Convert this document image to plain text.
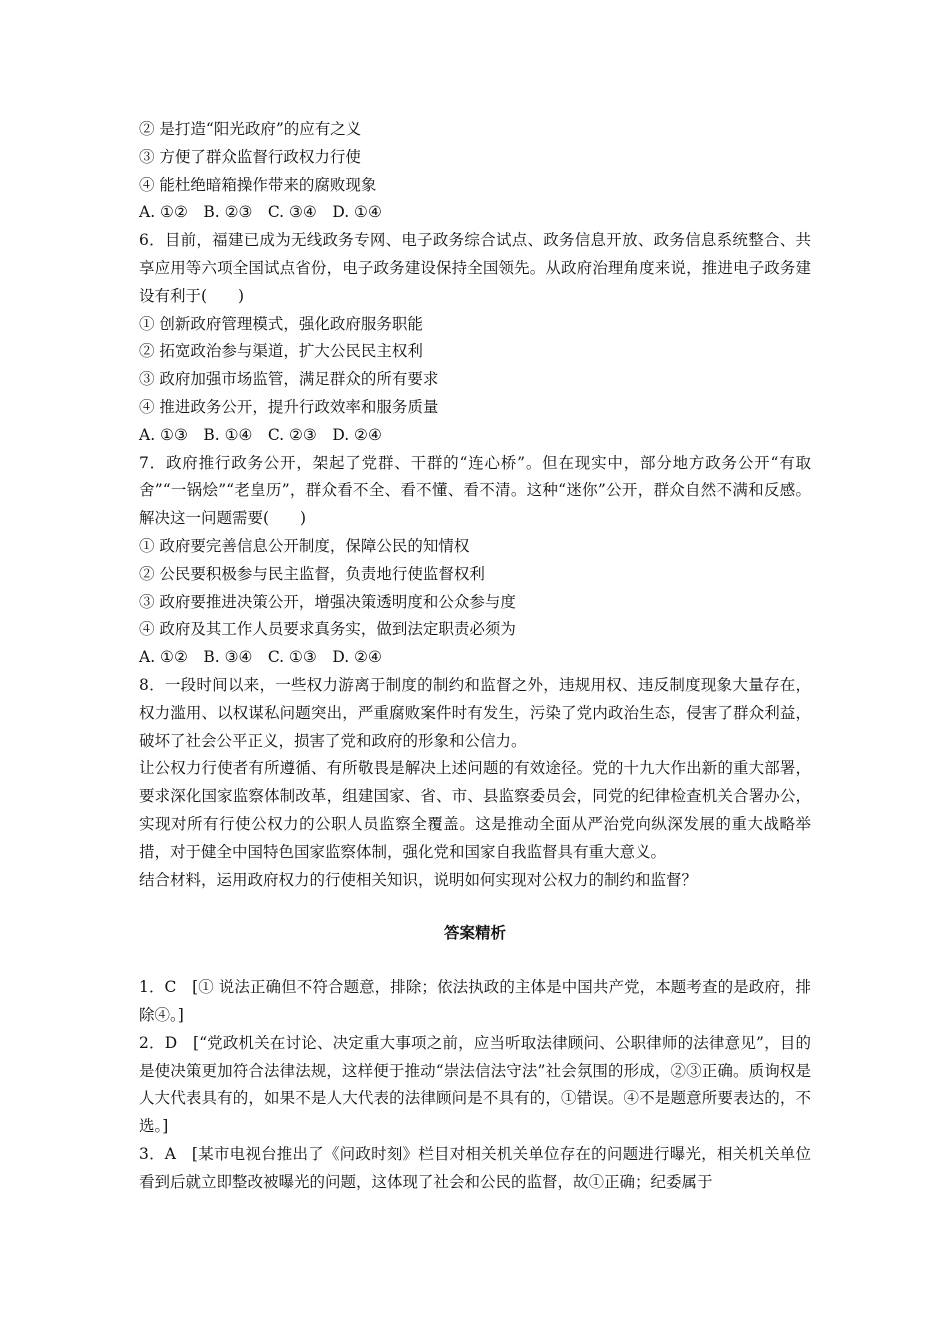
② 是打造“阳光政府”的应有之义
③ 方便了群众监督行政权力行使
④ 能杜绝暗箱操作带来的腐败现象
A. ①②　B. ②③　C. ③④　D. ①④
6．目前，福建已成为无线政务专网、电子政务综合试点、政务信息开放、政务信息系统整合、共享应用等六项全国试点省份，电子政务建设保持全国领先。从政府治理角度来说，推进电子政务建设有利于(　　)
① 创新政府管理模式，强化政府服务职能
② 拓宽政治参与渠道，扩大公民民主权利
③ 政府加强市场监管，满足群众的所有要求
④ 推进政务公开，提升行政效率和服务质量
A. ①③　B. ①④　C. ②③　D. ②④
7．政府推行政务公开，架起了党群、干群的“连心桥”。但在现实中，部分地方政务公开“有取舍”“一锅烩”“老皇历”，群众看不全、看不懂、看不清。这种“迷你”公开，群众自然不满和反感。解决这一问题需要(　　)
① 政府要完善信息公开制度，保障公民的知情权
② 公民要积极参与民主监督，负责地行使监督权利
③ 政府要推进决策公开，增强决策透明度和公众参与度
④ 政府及其工作人员要求真务实，做到法定职责必须为
A. ①②　B. ③④　C. ①③　D. ②④
8．一段时间以来，一些权力游离于制度的制约和监督之外，违规用权、违反制度现象大量存在，权力滥用、以权谋私问题突出，严重腐败案件时有发生，污染了党内政治生态，侵害了群众利益，破坏了社会公平正义，损害了党和政府的形象和公信力。
让公权力行使者有所遵循、有所敬畏是解决上述问题的有效途径。党的十九大作出新的重大部署，要求深化国家监察体制改革，组建国家、省、市、县监察委员会，同党的纪律检查机关合署办公，实现对所有行使公权力的公职人员监察全覆盖。这是推动全面从严治党向纵深发展的重大战略举措，对于健全中国特色国家监察体制，强化党和国家自我监督具有重大意义。
结合材料，运用政府权力的行使相关知识，说明如何实现对公权力的制约和监督？
答案精析
1．C　[① 说法正确但不符合题意，排除；依法执政的主体是中国共产党，本题考查的是政府，排除④。]
2．D　[“党政机关在讨论、决定重大事项之前，应当听取法律顾问、公职律师的法律意见”，目的是使决策更加符合法律法规，这样便于推动“崇法信法守法”社会氛围的形成，②③正确。质询权是人大代表具有的，如果不是人大代表的法律顾问是不具有的，①错误。④不是题意所要表达的，不选。]
3．A　[某市电视台推出了《问政时刻》栏目对相关机关单位存在的问题进行曝光，相关机关单位看到后就立即整改被曝光的问题，这体现了社会和公民的监督，故①正确；纪委属于
